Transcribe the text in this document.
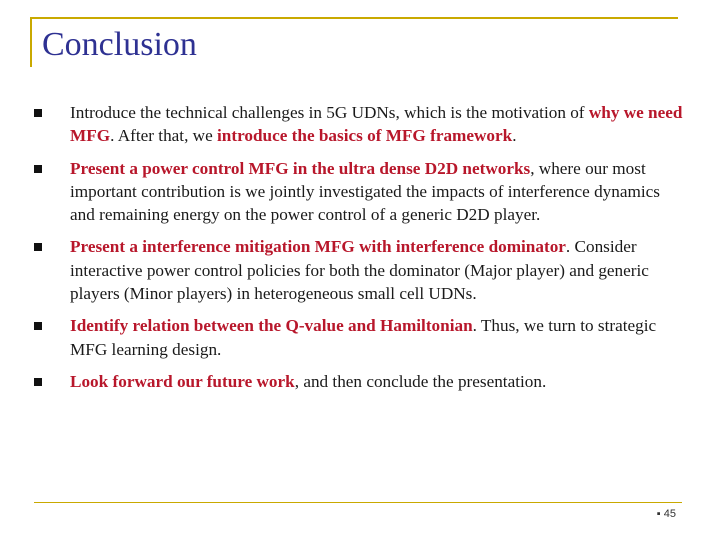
Conclusion
Introduce the technical challenges in 5G UDNs, which is the motivation of why we need MFG. After that, we introduce the basics of MFG framework.
Present a power control MFG in the ultra dense D2D networks, where our most important contribution is we jointly investigated the impacts of interference dynamics and remaining energy on the power control of a generic D2D player.
Present a interference mitigation MFG with interference dominator. Consider interactive power control policies for both the dominator (Major player) and generic players (Minor players) in heterogeneous small cell UDNs.
Identify relation between the Q-value and Hamiltonian. Thus, we turn to strategic MFG learning design.
Look forward our future work, and then conclude the presentation.
▪ 45
